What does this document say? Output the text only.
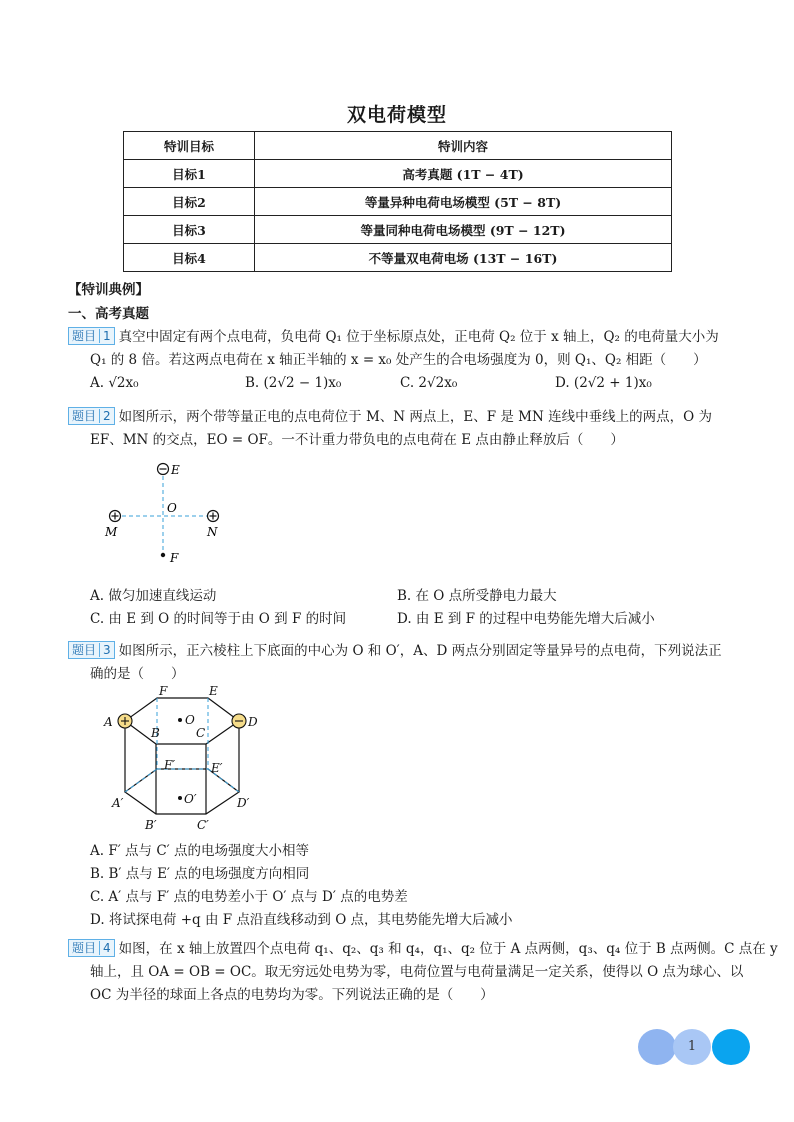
双电荷模型
特训目标	特训内容
目标1	高考真题 (1T − 4T)
目标2	等量异种电荷电场模型 (5T − 8T)
目标3	等量同种电荷电场模型 (9T − 12T)
目标4	不等量双电荷电场 (13T − 16T)
【特训典例】
一、高考真题
题目 1 真空中固定有两个点电荷，负电荷 Q₁ 位于坐标原点处，正电荷 Q₂ 位于 x 轴上，Q₂ 的电荷量大小为
Q₁ 的 8 倍。若这两点电荷在 x 轴正半轴的 x = x₀ 处产生的合电场强度为 0，则 Q₁、Q₂ 相距（　　）
A. √2x₀	B. (2√2 − 1)x₀	C. 2√2x₀	D. (2√2 + 1)x₀
题目 2 如图所示，两个带等量正电的点电荷位于 M、N 两点上，E、F 是 MN 连线中垂线上的两点，O 为
EF、MN 的交点，EO = OF。一不计重力带负电的点电荷在 E 点由静止释放后（　　）
E
O
M	N
F
A. 做匀加速直线运动	B. 在 O 点所受静电力最大
C. 由 E 到 O 的时间等于由 O 到 F 的时间	D. 由 E 到 F 的过程中电势能先增大后减小
题目 3 如图所示，正六棱柱上下底面的中心为 O 和 O′，A、D 两点分别固定等量异号的点电荷，下列说法正
确的是（　　）
A	D
F	E
B	C
O
F′	E′
O′
A′	D′
B′	C′
A. F′ 点与 C′ 点的电场强度大小相等
B. B′ 点与 E′ 点的电场强度方向相同
C. A′ 点与 F′ 点的电势差小于 O′ 点与 D′ 点的电势差
D. 将试探电荷 +q 由 F 点沿直线移动到 O 点，其电势能先增大后减小
题目 4 如图，在 x 轴上放置四个点电荷 q₁、q₂、q₃ 和 q₄，q₁、q₂ 位于 A 点两侧，q₃、q₄ 位于 B 点两侧。C 点在 y
轴上，且 OA = OB = OC。取无穷远处电势为零，电荷位置与电荷量满足一定关系，使得以 O 点为球心、以
OC 为半径的球面上各点的电势均为零。下列说法正确的是（　　）
1
